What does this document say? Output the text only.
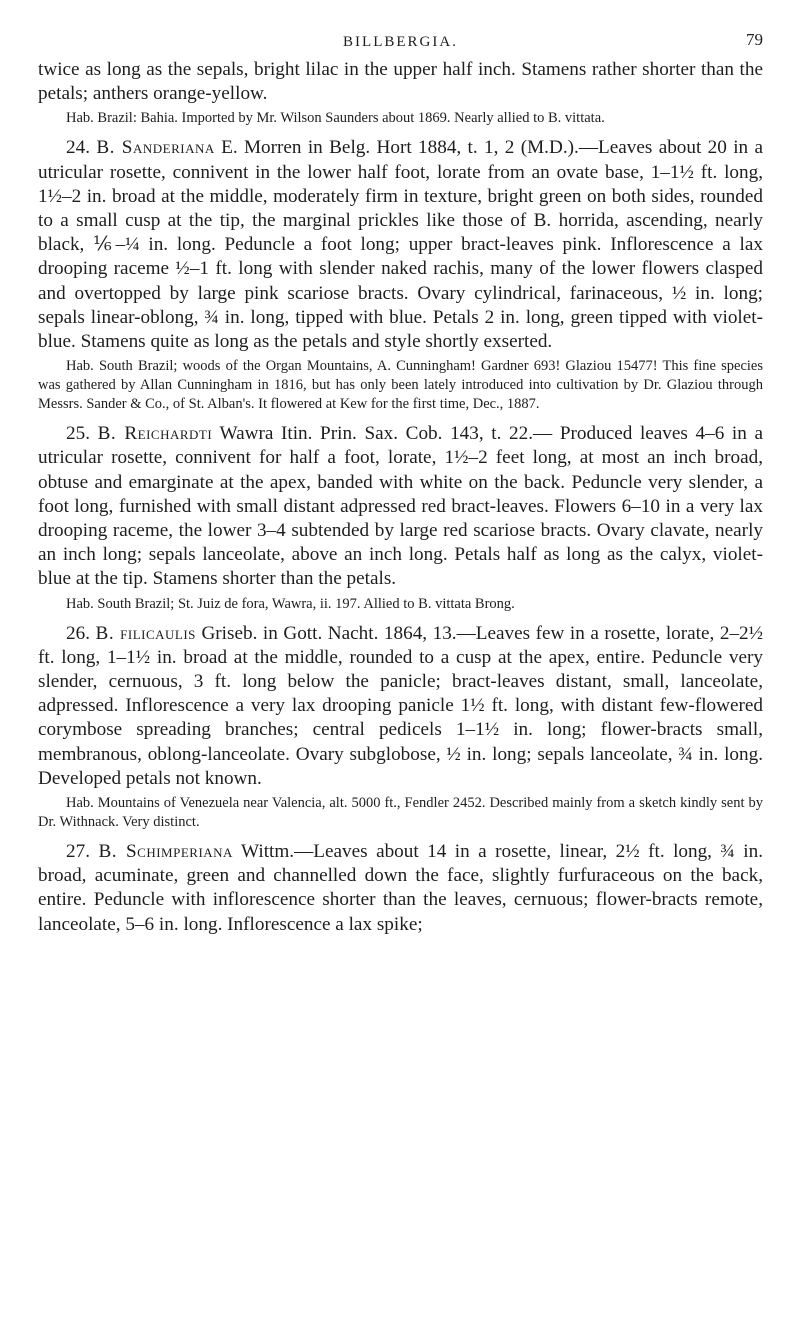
BILLBERGIA.	79

twice as long as the sepals, bright lilac in the upper half inch. Stamens rather shorter than the petals; anthers orange-yellow.

Hab. Brazil: Bahia. Imported by Mr. Wilson Saunders about 1869. Nearly allied to B. vittata.

24. B. Sanderiana E. Morren in Belg. Hort 1884, t. 1, 2 (M.D.).—Leaves about 20 in a utricular rosette, connivent in the lower half foot, lorate from an ovate base, 1–1½ ft. long, 1½–2 in. broad at the middle, moderately firm in texture, bright green on both sides, rounded to a small cusp at the tip, the marginal prickles like those of B. horrida, ascending, nearly black, ⅙–¼ in. long. Peduncle a foot long; upper bract-leaves pink. Inflorescence a lax drooping raceme ½–1 ft. long with slender naked rachis, many of the lower flowers clasped and overtopped by large pink scariose bracts. Ovary cylindrical, farinaceous, ½ in. long; sepals linear-oblong, ¾ in. long, tipped with blue. Petals 2 in. long, green tipped with violet-blue. Stamens quite as long as the petals and style shortly exserted.

Hab. South Brazil; woods of the Organ Mountains, A. Cunningham! Gardner 693! Glaziou 15477! This fine species was gathered by Allan Cunningham in 1816, but has only been lately introduced into cultivation by Dr. Glaziou through Messrs. Sander & Co., of St. Alban's. It flowered at Kew for the first time, Dec., 1887.

25. B. Reichardti Wawra Itin. Prin. Sax. Cob. 143, t. 22.— Produced leaves 4–6 in a utricular rosette, connivent for half a foot, lorate, 1½–2 feet long, at most an inch broad, obtuse and emarginate at the apex, banded with white on the back. Peduncle very slender, a foot long, furnished with small distant adpressed red bract-leaves. Flowers 6–10 in a very lax drooping raceme, the lower 3–4 subtended by large red scariose bracts. Ovary clavate, nearly an inch long; sepals lanceolate, above an inch long. Petals half as long as the calyx, violet-blue at the tip. Stamens shorter than the petals.

Hab. South Brazil; St. Juiz de fora, Wawra, ii. 197. Allied to B. vittata Brong.

26. B. filicaulis Griseb. in Gott. Nacht. 1864, 13.—Leaves few in a rosette, lorate, 2–2½ ft. long, 1–1½ in. broad at the middle, rounded to a cusp at the apex, entire. Peduncle very slender, cernuous, 3 ft. long below the panicle; bract-leaves distant, small, lanceolate, adpressed. Inflorescence a very lax drooping panicle 1½ ft. long, with distant few-flowered corymbose spreading branches; central pedicels 1–1½ in. long; flower-bracts small, membranous, oblong-lanceolate. Ovary subglobose, ½ in. long; sepals lanceolate, ¾ in. long. Developed petals not known.

Hab. Mountains of Venezuela near Valencia, alt. 5000 ft., Fendler 2452. Described mainly from a sketch kindly sent by Dr. Withnack. Very distinct.

27. B. Schimperiana Wittm.—Leaves about 14 in a rosette, linear, 2½ ft. long, ¾ in. broad, acuminate, green and channelled down the face, slightly furfuraceous on the back, entire. Peduncle with inflorescence shorter than the leaves, cernuous; flower-bracts remote, lanceolate, 5–6 in. long. Inflorescence a lax spike;
